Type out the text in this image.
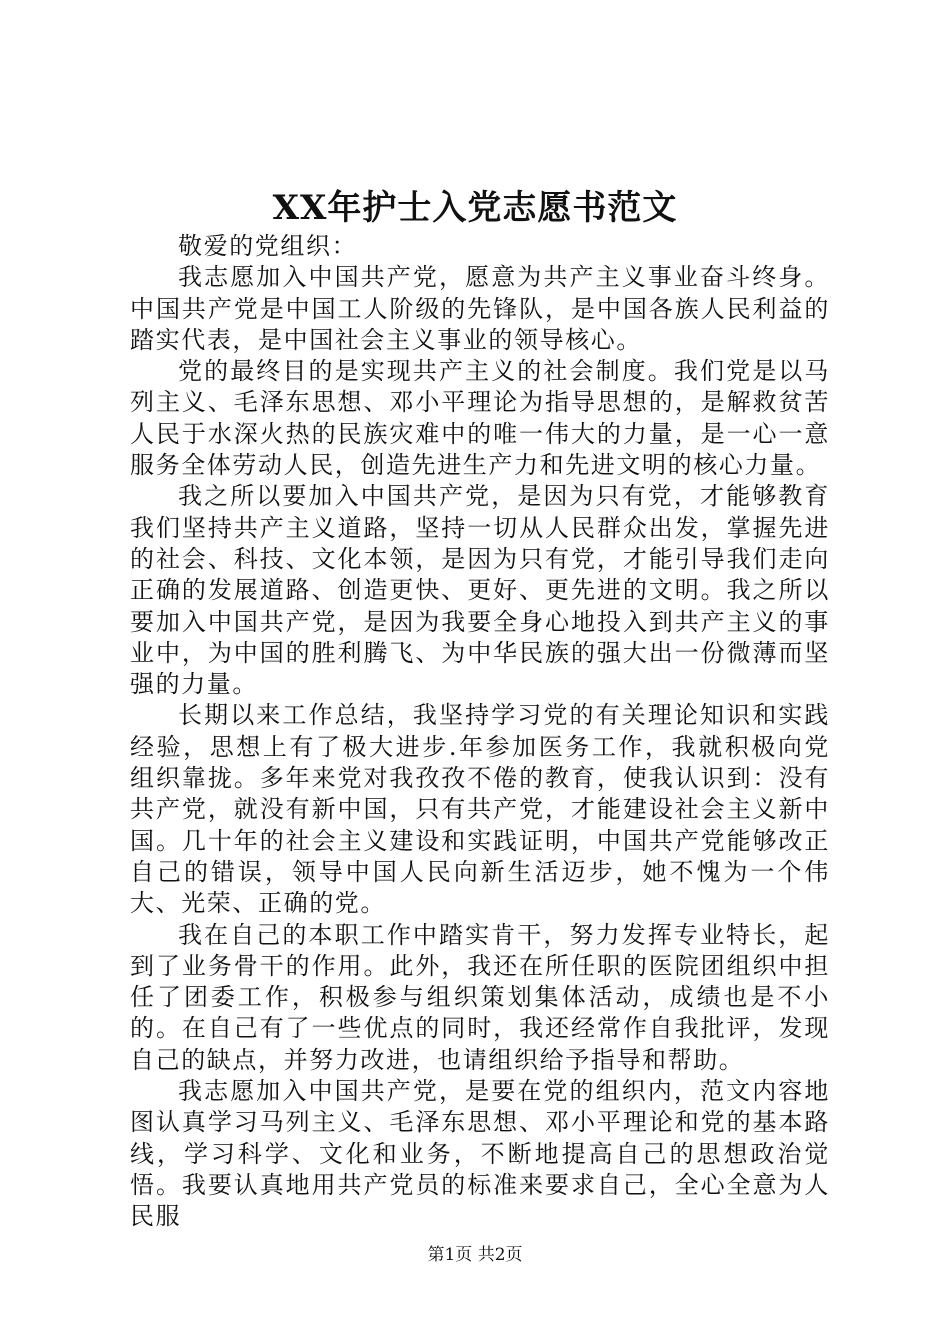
XX年护士入党志愿书范文

敬爱的党组织：

我志愿加入中国共产党，愿意为共产主义事业奋斗终身。中国共产党是中国工人阶级的先锋队，是中国各族人民利益的踏实代表，是中国社会主义事业的领导核心。

党的最终目的是实现共产主义的社会制度。我们党是以马列主义、毛泽东思想、邓小平理论为指导思想的，是解救贫苦人民于水深火热的民族灾难中的唯一伟大的力量，是一心一意服务全体劳动人民，创造先进生产力和先进文明的核心力量。

我之所以要加入中国共产党，是因为只有党，才能够教育我们坚持共产主义道路，坚持一切从人民群众出发，掌握先进的社会、科技、文化本领，是因为只有党，才能引导我们走向正确的发展道路、创造更快、更好、更先进的文明。我之所以要加入中国共产党，是因为我要全身心地投入到共产主义的事业中，为中国的胜利腾飞、为中华民族的强大出一份微薄而坚强的力量。

长期以来工作总结，我坚持学习党的有关理论知识和实践经验，思想上有了极大进步.年参加医务工作，我就积极向党组织靠拢。多年来党对我孜孜不倦的教育，使我认识到：没有共产党，就没有新中国，只有共产党，才能建设社会主义新中国。几十年的社会主义建设和实践证明，中国共产党能够改正自己的错误，领导中国人民向新生活迈步，她不愧为一个伟大、光荣、正确的党。

我在自己的本职工作中踏实肯干，努力发挥专业特长，起到了业务骨干的作用。此外，我还在所任职的医院团组织中担任了团委工作，积极参与组织策划集体活动，成绩也是不小的。在自己有了一些优点的同时，我还经常作自我批评，发现自己的缺点，并努力改进，也请组织给予指导和帮助。

我志愿加入中国共产党，是要在党的组织内，范文内容地图认真学习马列主义、毛泽东思想、邓小平理论和党的基本路线，学习科学、文化和业务，不断地提高自己的思想政治觉悟。我要认真地用共产党员的标准来要求自己，全心全意为人民服

第1页 共2页
